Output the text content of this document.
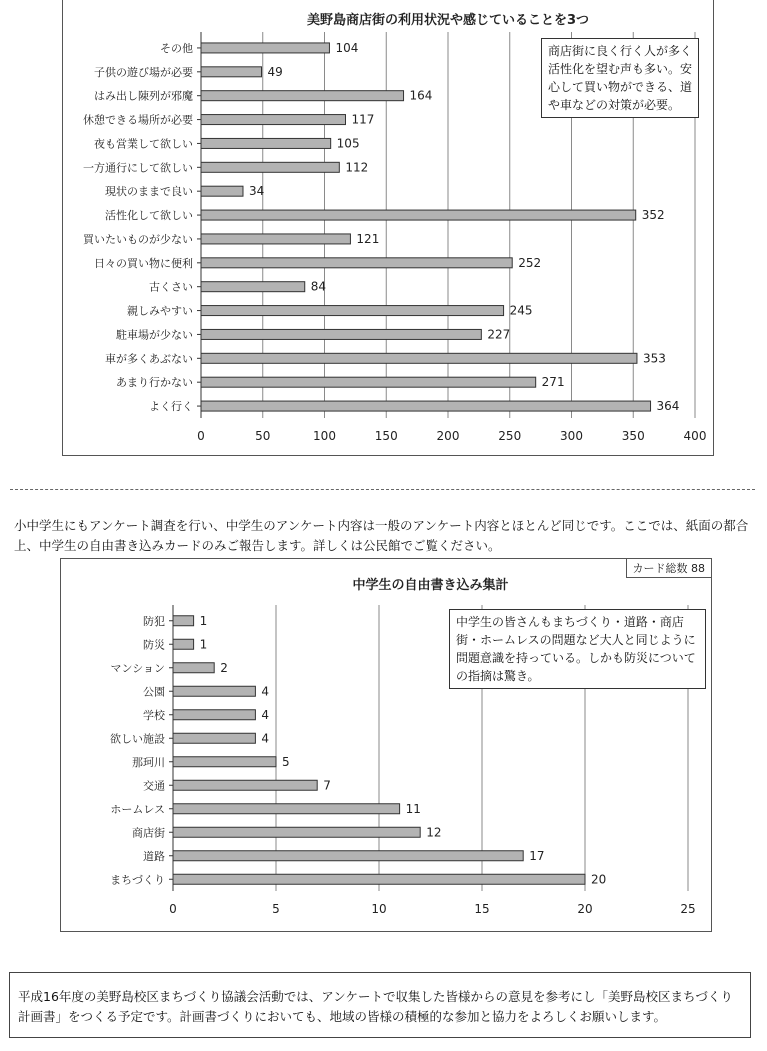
美野島商店街の利用状況や感じていることを3つ
0	50	100	150	200	250	300	350	400
その他	104
子供の遊び場が必要	49
はみ出し陳列が邪魔	164
休憩できる場所が必要	117
夜も営業して欲しい	105
一方通行にして欲しい	112
現状のままで良い	34
活性化して欲しい	352
買いたいものが少ない	121
日々の買い物に便利	252
古くさい	84
親しみやすい	245
駐車場が少ない	227
車が多くあぶない	353
あまり行かない	271
よく行く	364
商店街に良く行く人が多く活性化を望む声も多い。安心して買い物ができる、道や車などの対策が必要。
小中学生にもアンケート調査を行い、中学生のアンケート内容は一般のアンケート内容とほとんど同じです。ここでは、紙面の都合上、中学生の自由書き込みカードのみご報告します。詳しくは公民館でご覧ください。
中学生の自由書き込み集計
0	5	10	15	20	25
防犯	1
防災	1
マンション	2
公園	4
学校	4
欲しい施設	4
那珂川	5
交通	7
ホームレス	11
商店街	12
道路	17
まちづくり	20
カード総数 88
中学生の皆さんもまちづくり・道路・商店街・ホームレスの問題など大人と同じように問題意識を持っている。しかも防災についての指摘は驚き。
平成16年度の美野島校区まちづくり協議会活動では、アンケートで収集した皆様からの意見を参考にし「美野島校区まちづくり計画書」をつくる予定です。計画書づくりにおいても、地域の皆様の積極的な参加と協力をよろしくお願いします。
